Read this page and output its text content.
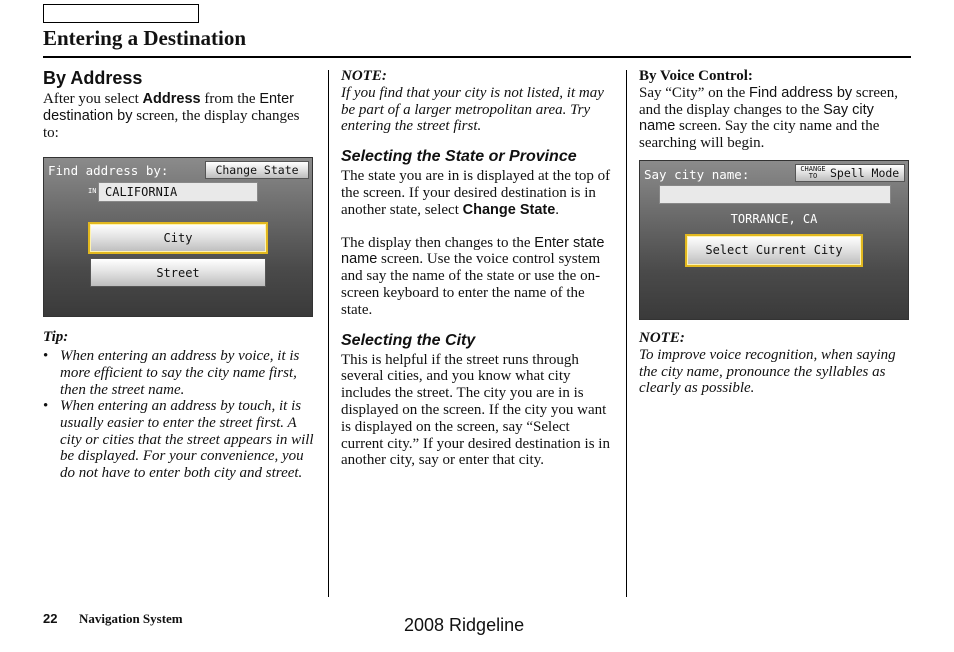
Entering a Destination
By Address

After you select Address from the Enter destination by screen, the display changes to:

Find address by:	Change State
IN CALIFORNIA
City
Street

Tip:

• When entering an address by voice, it is more efficient to say the city name first, then the street name.
• When entering an address by touch, it is usually easier to enter the street first. A city or cities that the street appears in will be displayed. For your convenience, you do not have to enter both city and street.

NOTE:

If you find that your city is not listed, it may be part of a larger metropolitan area. Try entering the street first.

Selecting the State or Province

The state you are in is displayed at the top of the screen. If your desired destination is in another state, select Change State.

The display then changes to the Enter state name screen. Use the voice control system and say the name of the state or use the on-screen keyboard to enter the name of the state.

Selecting the City

This is helpful if the street runs through several cities, and you know what city includes the street. The city you are in is displayed on the screen. If the city you want is displayed on the screen, say “Select current city.” If your desired destination is in another city, say or enter that city.

By Voice Control:

Say “City” on the Find address by screen, and the display changes to the Say city name screen. Say the city name and the searching will begin.

Say city name:	CHANGE
TO	Spell Mode
TORRANCE, CA
Select Current City

NOTE:

To improve voice recognition, when saying the city name, pronounce the syllables as clearly as possible.

22 Navigation System	2008 Ridgeline
